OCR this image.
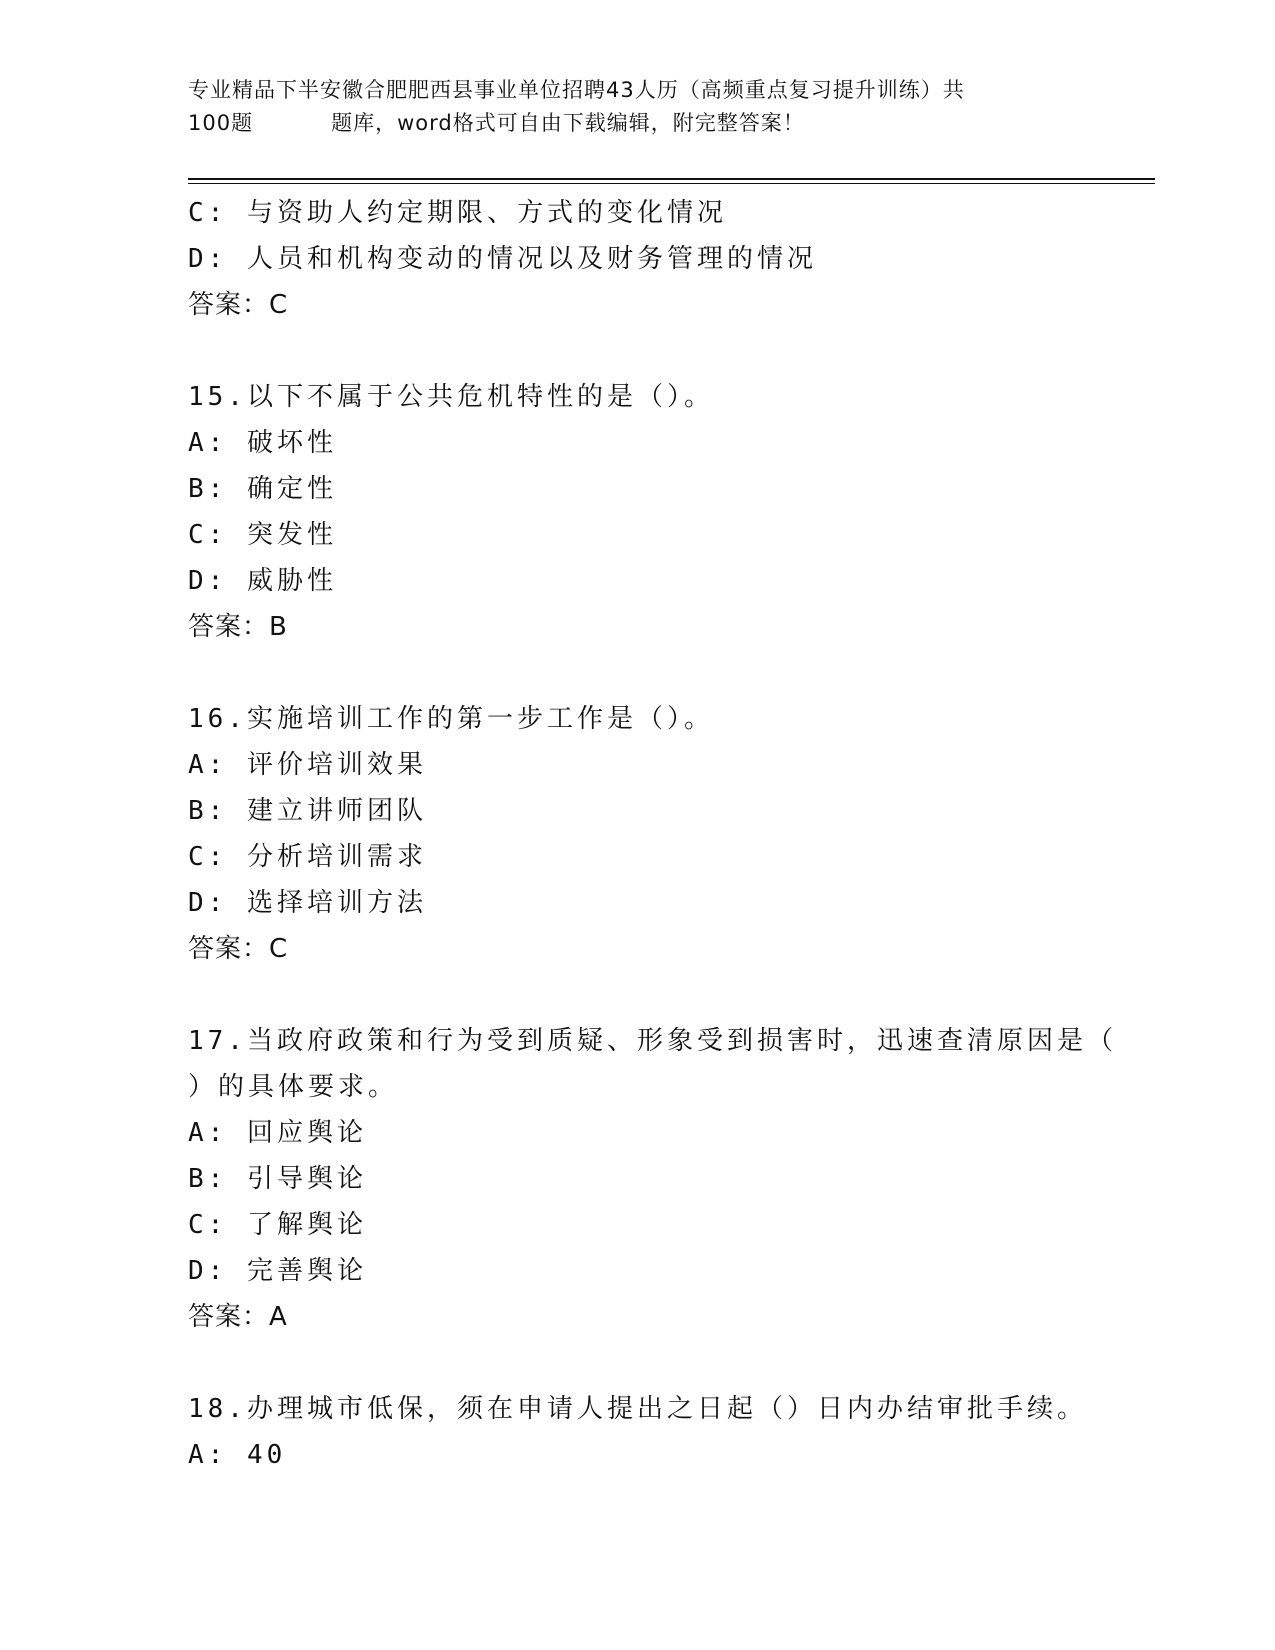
专业精品下半安徽合肥肥西县事业单位招聘43人历（高频重点复习提升训练）共
100题	题库，word格式可自由下载编辑，附完整答案！
C: 与资助人约定期限、方式的变化情况
D: 人员和机构变动的情况以及财务管理的情况
答案：C
15.以下不属于公共危机特性的是（）。
A: 破坏性
B: 确定性
C: 突发性
D: 威胁性
答案：B
16.实施培训工作的第一步工作是（）。
A: 评价培训效果
B: 建立讲师团队
C: 分析培训需求
D: 选择培训方法
答案：C
17.当政府政策和行为受到质疑、形象受到损害时，迅速查清原因是（
）的具体要求。
A: 回应舆论
B: 引导舆论
C: 了解舆论
D: 完善舆论
答案：A
18.办理城市低保，须在申请人提出之日起（）日内办结审批手续。
A: 40
